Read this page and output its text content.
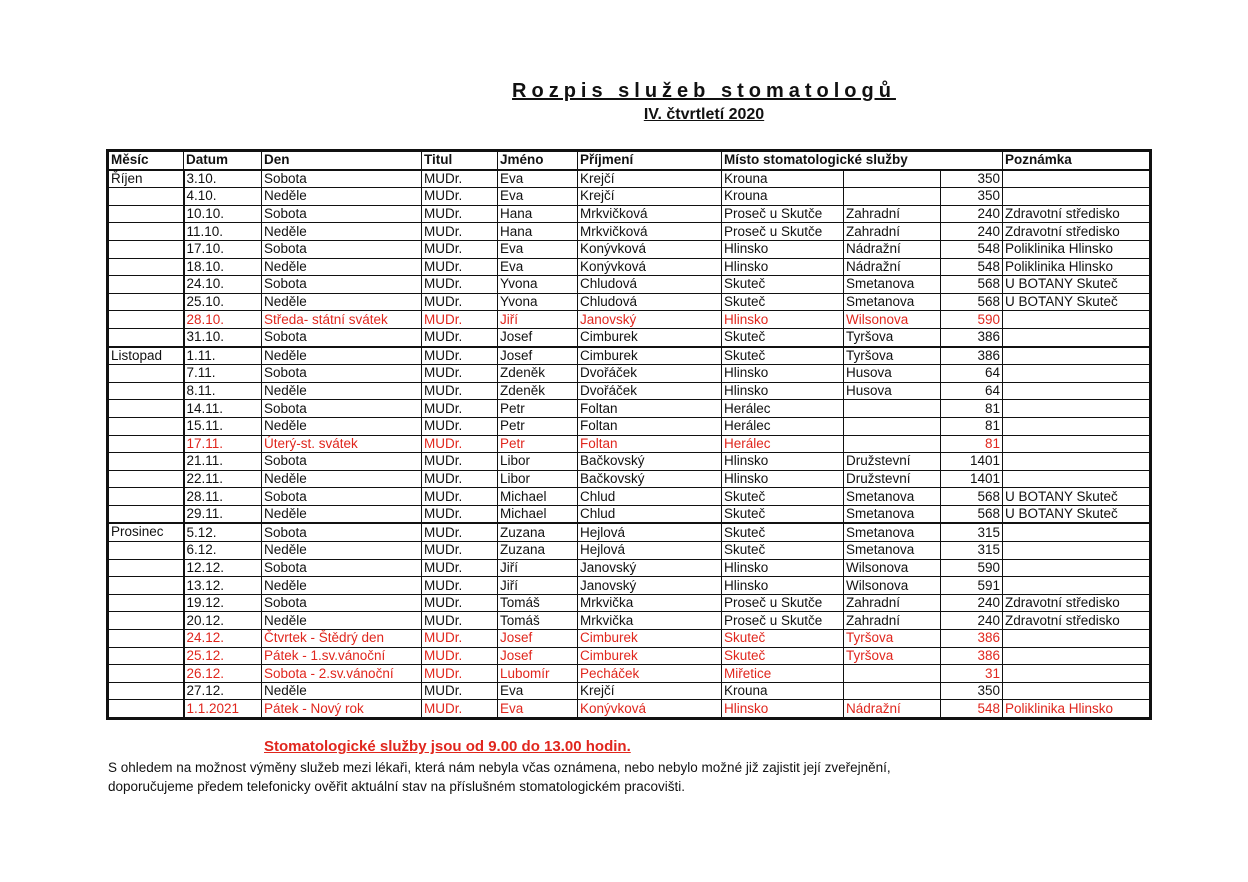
Rozpis služeb stomatologů
IV. čtvrtletí 2020
Měsíc	Datum	Den	Titul	Jméno	Příjmení	Místo stomatologické služby			Poznámka
Říjen	3.10.	Sobota	MUDr.	Eva	Krejčí	Krouna		350	
	4.10.	Neděle	MUDr.	Eva	Krejčí	Krouna		350	
	10.10.	Sobota	MUDr.	Hana	Mrkvičková	Proseč u Skutče	Zahradní	240	Zdravotní středisko
	11.10.	Neděle	MUDr.	Hana	Mrkvičková	Proseč u Skutče	Zahradní	240	Zdravotní středisko
	17.10.	Sobota	MUDr.	Eva	Konývková	Hlinsko	Nádražní	548	Poliklinika Hlinsko
	18.10.	Neděle	MUDr.	Eva	Konývková	Hlinsko	Nádražní	548	Poliklinika Hlinsko
	24.10.	Sobota	MUDr.	Yvona	Chludová	Skuteč	Smetanova	568	U BOTANY Skuteč
	25.10.	Neděle	MUDr.	Yvona	Chludová	Skuteč	Smetanova	568	U BOTANY Skuteč
	28.10.	Středa- státní svátek	MUDr.	Jiří	Janovský	Hlinsko	Wilsonova	590	
	31.10.	Sobota	MUDr.	Josef	Cimburek	Skuteč	Tyršova	386	
Listopad	1.11.	Neděle	MUDr.	Josef	Cimburek	Skuteč	Tyršova	386	
	7.11.	Sobota	MUDr.	Zdeněk	Dvořáček	Hlinsko	Husova	64	
	8.11.	Neděle	MUDr.	Zdeněk	Dvořáček	Hlinsko	Husova	64	
	14.11.	Sobota	MUDr.	Petr	Foltan	Herálec		81	
	15.11.	Neděle	MUDr.	Petr	Foltan	Herálec		81	
	17.11.	Úterý-st. svátek	MUDr.	Petr	Foltan	Herálec		81	
	21.11.	Sobota	MUDr.	Libor	Bačkovský	Hlinsko	Družstevní	1401	
	22.11.	Neděle	MUDr.	Libor	Bačkovský	Hlinsko	Družstevní	1401	
	28.11.	Sobota	MUDr.	Michael	Chlud	Skuteč	Smetanova	568	U BOTANY Skuteč
	29.11.	Neděle	MUDr.	Michael	Chlud	Skuteč	Smetanova	568	U BOTANY Skuteč
Prosinec	5.12.	Sobota	MUDr.	Zuzana	Hejlová	Skuteč	Smetanova	315	
	6.12.	Neděle	MUDr.	Zuzana	Hejlová	Skuteč	Smetanova	315	
	12.12.	Sobota	MUDr.	Jiří	Janovský	Hlinsko	Wilsonova	590	
	13.12.	Neděle	MUDr.	Jiří	Janovský	Hlinsko	Wilsonova	591	
	19.12.	Sobota	MUDr.	Tomáš	Mrkvička	Proseč u Skutče	Zahradní	240	Zdravotní středisko
	20.12.	Neděle	MUDr.	Tomáš	Mrkvička	Proseč u Skutče	Zahradní	240	Zdravotní středisko
	24.12.	Čtvrtek - Štědrý den	MUDr.	Josef	Cimburek	Skuteč	Tyršova	386	
	25.12.	Pátek - 1.sv.vánoční	MUDr.	Josef	Cimburek	Skuteč	Tyršova	386	
	26.12.	Sobota - 2.sv.vánoční	MUDr.	Lubomír	Pecháček	Miřetice		31	
	27.12.	Neděle	MUDr.	Eva	Krejčí	Krouna		350	
	1.1.2021	Pátek - Nový rok	MUDr.	Eva	Konývková	Hlinsko	Nádražní	548	Poliklinika Hlinsko
Stomatologické služby jsou od 9.00 do 13.00 hodin.
S ohledem na možnost výměny služeb mezi lékaři, která nám nebyla včas oznámena, nebo nebylo možné již zajistit její zveřejnění,
doporučujeme předem telefonicky ověřit aktuální stav na příslušném stomatologickém pracovišti.
